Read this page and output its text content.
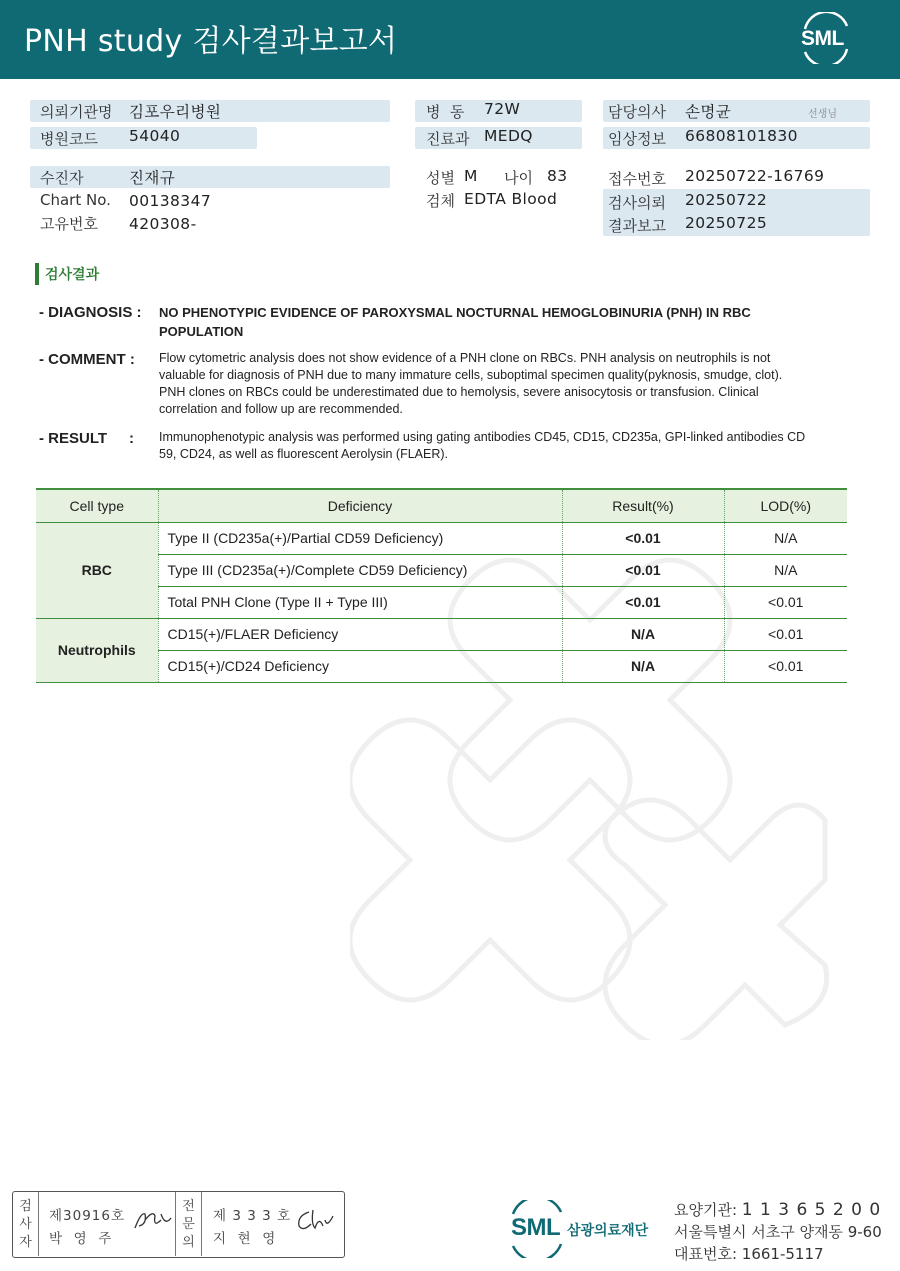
PNH study 검사결과보고서	SML
의뢰기관명 김포우리병원
병원코드 54040
수진자	진재규
Chart No. 00138347
고유번호 420308-
병  동 72W
진료과 MEDQ
성별 M 나이 83
검체 EDTA Blood
담당의사 손명균	선생님
임상정보 66808101830
접수번호 20250722-16769
검사의뢰 20250722
결과보고 20250725
검사결과
- DIAGNOSIS : NO PHENOTYPIC EVIDENCE OF PAROXYSMAL NOCTURNAL HEMOGLOBINURIA (PNH) IN RBC
POPULATION
- COMMENT : Flow cytometric analysis does not show evidence of a PNH clone on RBCs. PNH analysis on neutrophils is not
valuable for diagnosis of PNH due to many immature cells, suboptimal specimen quality(pyknosis, smudge, clot).
PNH clones on RBCs could be underestimated due to hemolysis, severe anisocytosis or transfusion. Clinical
correlation and follow up are recommended.
- RESULT : Immunophenotypic analysis was performed using gating antibodies CD45, CD15, CD235a, GPI-linked antibodies CD
59, CD24, as well as fluorescent Aerolysin (FLAER).
Cell type	Deficiency	Result(%)	LOD(%)
RBC	Type II (CD235a(+)/Partial CD59 Deficiency)	<0.01	N/A
	Type III (CD235a(+)/Complete CD59 Deficiency)	<0.01	N/A
	Total PNH Clone (Type II + Type III)	<0.01	<0.01
Neutrophils	CD15(+)/FLAER Deficiency	N/A	<0.01
	CD15(+)/CD24 Deficiency	N/A	<0.01
검
사
자
제30916호
박  영  주
전
문
의
제 3 3 3 호
지  현  영	SML 삼광의료재단
요양기관: 1 1 3 6 5 2 0 0
서울특별시 서초구 양재동 9-60
대표번호: 1661-5117
